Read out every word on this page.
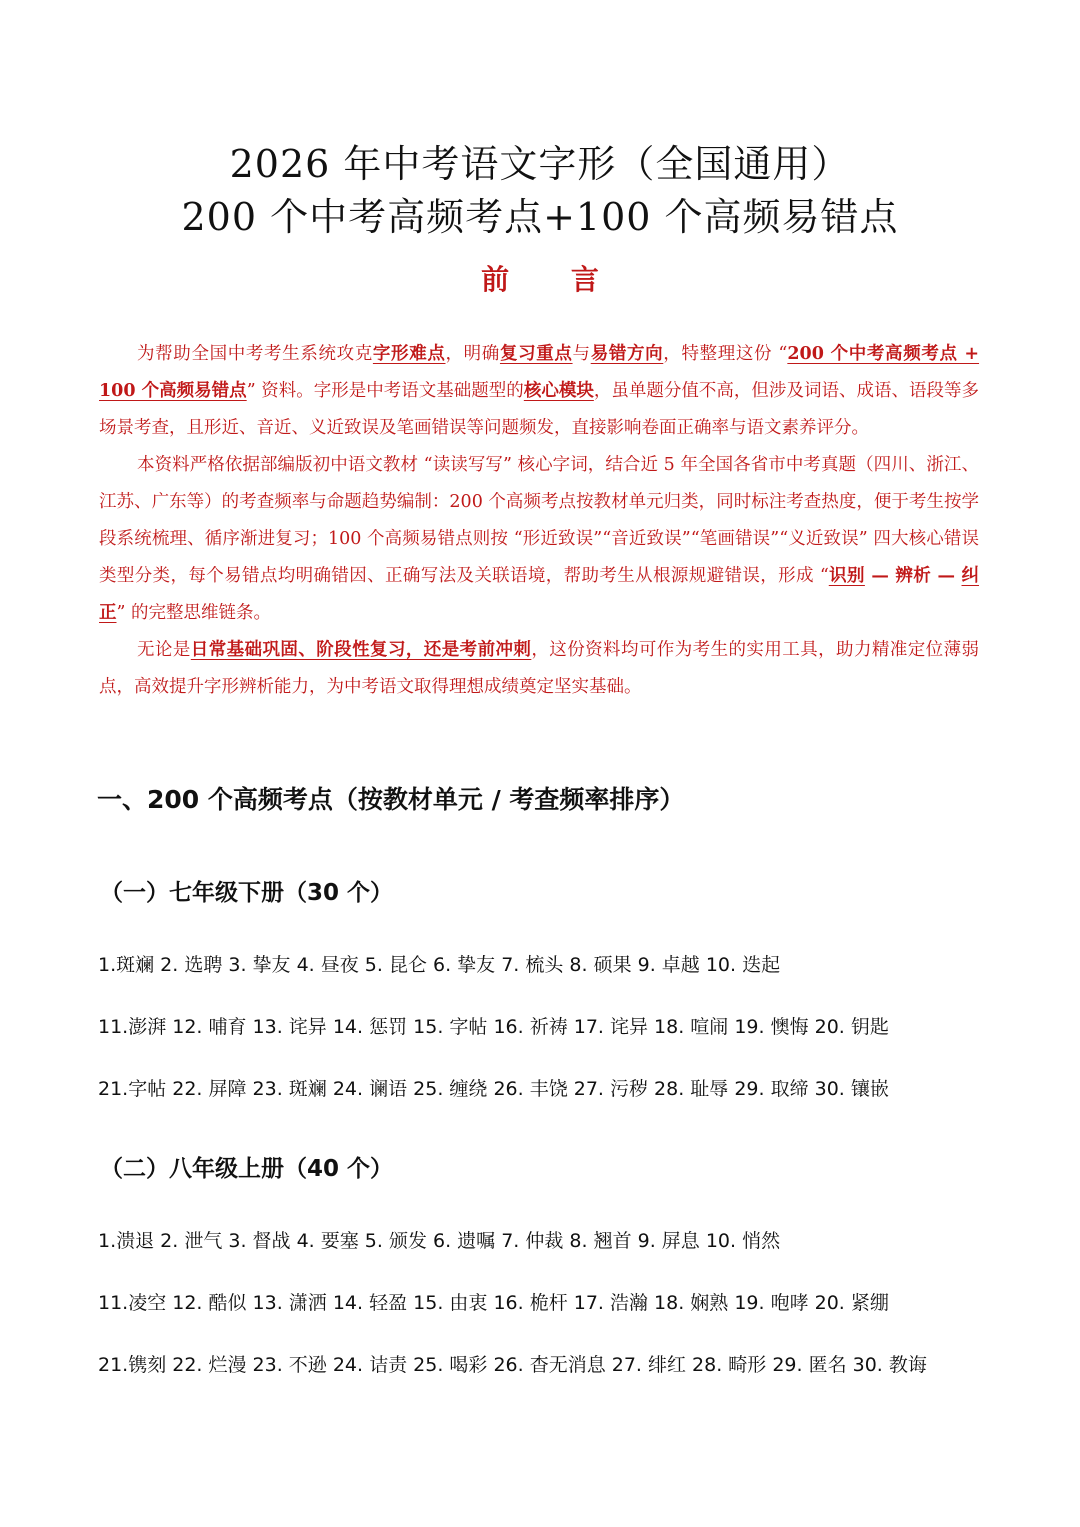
2026 年中考语文字形（全国通用）
200 个中考高频考点+100 个高频易错点
前 言

为帮助全国中考考生系统攻克字形难点，明确复习重点与易错方向，特整理这份 “200 个中考高频考点 + 100 个高频易错点” 资料。字形是中考语文基础题型的核心模块，虽单题分值不高，但涉及词语、成语、语段等多场景考查，且形近、音近、义近致误及笔画错误等问题频发，直接影响卷面正确率与语文素养评分。

本资料严格依据部编版初中语文教材 “读读写写” 核心字词，结合近 5 年全国各省市中考真题（四川、浙江、江苏、广东等）的考查频率与命题趋势编制：200 个高频考点按教材单元归类，同时标注考查热度，便于考生按学段系统梳理、循序渐进复习；100 个高频易错点则按 “形近致误”“音近致误”“笔画错误”“义近致误” 四大核心错误类型分类，每个易错点均明确错因、正确写法及关联语境，帮助考生从根源规避错误，形成 “识别 — 辨析 — 纠正” 的完整思维链条。

无论是日常基础巩固、阶段性复习，还是考前冲刺，这份资料均可作为考生的实用工具，助力精准定位薄弱点，高效提升字形辨析能力，为中考语文取得理想成绩奠定坚实基础。

一、200 个高频考点（按教材单元 / 考查频率排序）
（一）七年级下册（30 个）
1.斑斓 2. 选聘 3. 挚友 4. 昼夜 5. 昆仑 6. 挚友 7. 梳头 8. 硕果 9. 卓越 10. 迭起
11.澎湃 12. 哺育 13. 诧异 14. 惩罚 15. 字帖 16. 祈祷 17. 诧异 18. 喧闹 19. 懊悔 20. 钥匙
21.字帖 22. 屏障 23. 斑斓 24. 谰语 25. 缠绕 26. 丰饶 27. 污秽 28. 耻辱 29. 取缔 30. 镶嵌
（二）八年级上册（40 个）
1.溃退 2. 泄气 3. 督战 4. 要塞 5. 颁发 6. 遗嘱 7. 仲裁 8. 翘首 9. 屏息 10. 悄然
11.凌空 12. 酷似 13. 潇洒 14. 轻盈 15. 由衷 16. 桅杆 17. 浩瀚 18. 娴熟 19. 咆哮 20. 紧绷
21.镌刻 22. 烂漫 23. 不逊 24. 诘责 25. 喝彩 26. 杳无消息 27. 绯红 28. 畸形 29. 匿名 30. 教诲
